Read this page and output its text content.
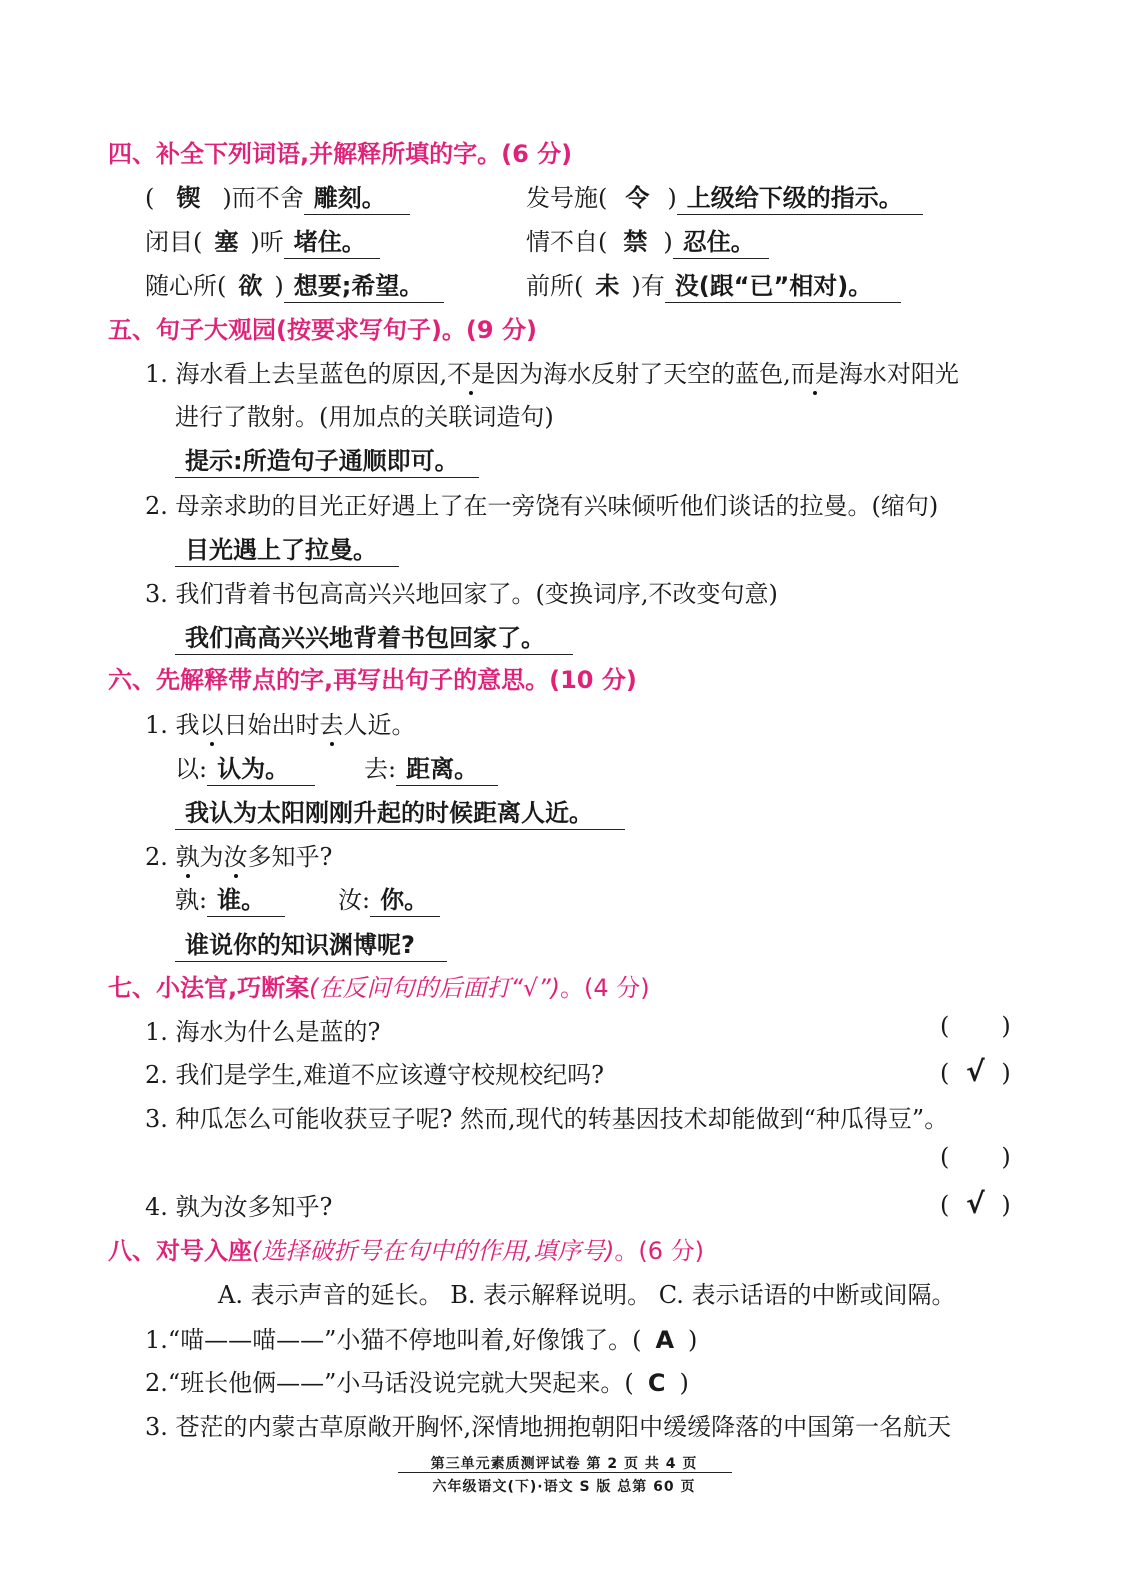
四、补全下列词语,并解释所填的字。(6 分)
( 锲 )而不舍 雕刻。	发号施( 令 ) 上级给下级的指示。
闭目( 塞 )听 堵住。	情不自( 禁 ) 忍住。
随心所( 欲 ) 想要;希望。	前所( 未 )有 没(跟“已”相对)。
五、句子大观园(按要求写句子)。(9 分)
1. 海水看上去呈蓝色的原因,不是因为海水反射了天空的蓝色,而是海水对阳光
进行了散射。(用加点的关联词造句)
提示:所造句子通顺即可。
2. 母亲求助的目光正好遇上了在一旁饶有兴味倾听他们谈话的拉曼。(缩句)
目光遇上了拉曼。
3. 我们背着书包高高兴兴地回家了。(变换词序,不改变句意)
我们高高兴兴地背着书包回家了。
六、先解释带点的字,再写出句子的意思。(10 分)
1. 我以日始出时去人近。
以: 认为。	去: 距离。
我认为太阳刚刚升起的时候距离人近。
2. 孰为汝多知乎?
孰: 谁。	汝: 你。
谁说你的知识渊博呢?
七、小法官,巧断案(在反问句的后面打“√”)。(4 分)
1. 海水为什么是蓝的?	( )
2. 我们是学生,难道不应该遵守校规校纪吗?	( √ )
3. 种瓜怎么可能收获豆子呢? 然而,现代的转基因技术却能做到“种瓜得豆”。
( )
4. 孰为汝多知乎?	( √ )
八、对号入座(选择破折号在句中的作用,填序号)。(6 分)
A. 表示声音的延长。 B. 表示解释说明。 C. 表示话语的中断或间隔。
1.“喵——喵——”小猫不停地叫着,好像饿了。( A )
2.“班长他俩——”小马话没说完就大哭起来。( C )
3. 苍茫的内蒙古草原敞开胸怀,深情地拥抱朝阳中缓缓降落的中国第一名航天
第三单元素质测评试卷 第 2 页 共 4 页
六年级语文(下)·语文 S 版 总第 60 页
